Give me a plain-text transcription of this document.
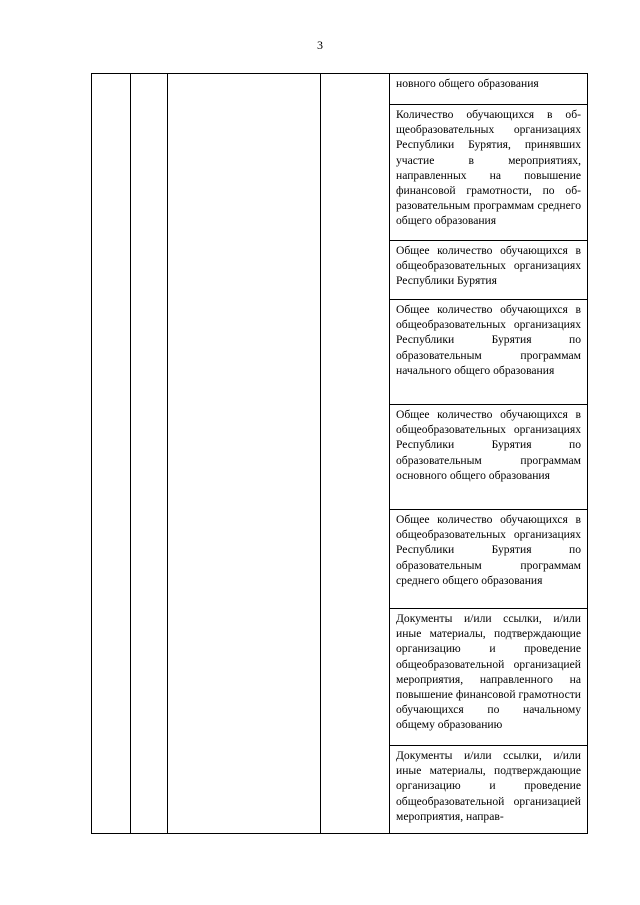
3

новного общего образования

Количество обучающихся в общеобразовательных организациях Республики Бурятия, принявших участие в мероприятиях, направленных на повышение финансовой грамотности, по образовательным программам среднего общего образования

Общее количество обучающихся в общеобразовательных организациях Республики Бурятия

Общее количество обучающихся в общеобразовательных организациях Республики Бурятия по образовательным программам начального общего образования

Общее количество обучающихся в общеобразовательных организациях Республики Бурятия по образовательным программам основного общего образования

Общее количество обучающихся в общеобразовательных организациях Республики Бурятия по образовательным программам среднего общего образования

Документы и/или ссылки, и/или иные материалы, подтверждающие организацию и проведение общеобразовательной организацией мероприятия, направленного на повышение финансовой грамотности обучающихся по начальному общему образованию

Документы и/или ссылки, и/или иные материалы, подтверждающие организацию и проведение общеобразовательной организацией мероприятия, направ-
